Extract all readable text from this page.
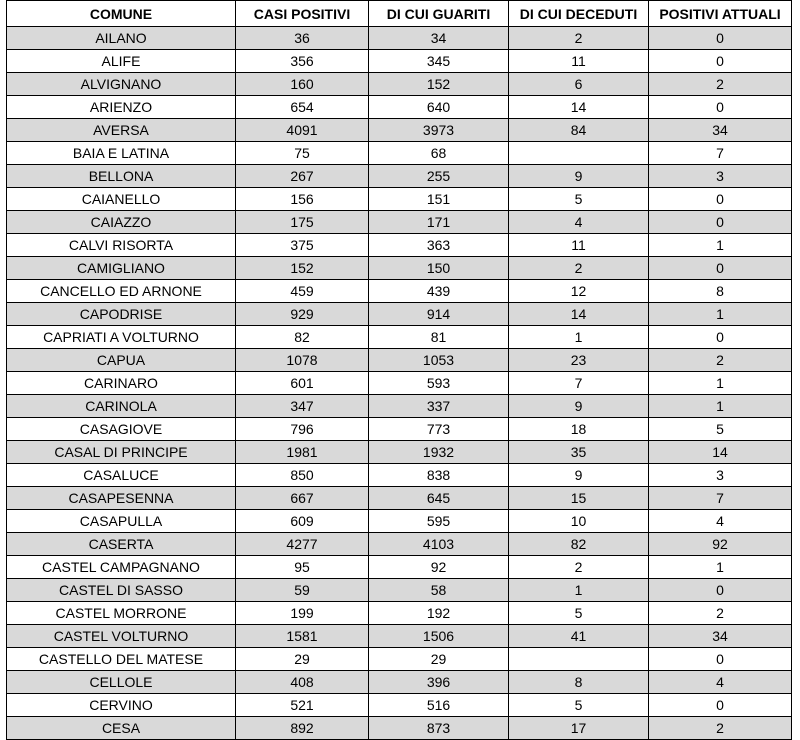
COMUNE	CASI POSITIVI	DI CUI GUARITI	DI CUI DECEDUTI	POSITIVI ATTUALI
AILANO	36	34	2	0
ALIFE	356	345	11	0
ALVIGNANO	160	152	6	2
ARIENZO	654	640	14	0
AVERSA	4091	3973	84	34
BAIA E LATINA	75	68		7
BELLONA	267	255	9	3
CAIANELLO	156	151	5	0
CAIAZZO	175	171	4	0
CALVI RISORTA	375	363	11	1
CAMIGLIANO	152	150	2	0
CANCELLO ED ARNONE	459	439	12	8
CAPODRISE	929	914	14	1
CAPRIATI A VOLTURNO	82	81	1	0
CAPUA	1078	1053	23	2
CARINARO	601	593	7	1
CARINOLA	347	337	9	1
CASAGIOVE	796	773	18	5
CASAL DI PRINCIPE	1981	1932	35	14
CASALUCE	850	838	9	3
CASAPESENNA	667	645	15	7
CASAPULLA	609	595	10	4
CASERTA	4277	4103	82	92
CASTEL CAMPAGNANO	95	92	2	1
CASTEL DI SASSO	59	58	1	0
CASTEL MORRONE	199	192	5	2
CASTEL VOLTURNO	1581	1506	41	34
CASTELLO DEL MATESE	29	29		0
CELLOLE	408	396	8	4
CERVINO	521	516	5	0
CESA	892	873	17	2
